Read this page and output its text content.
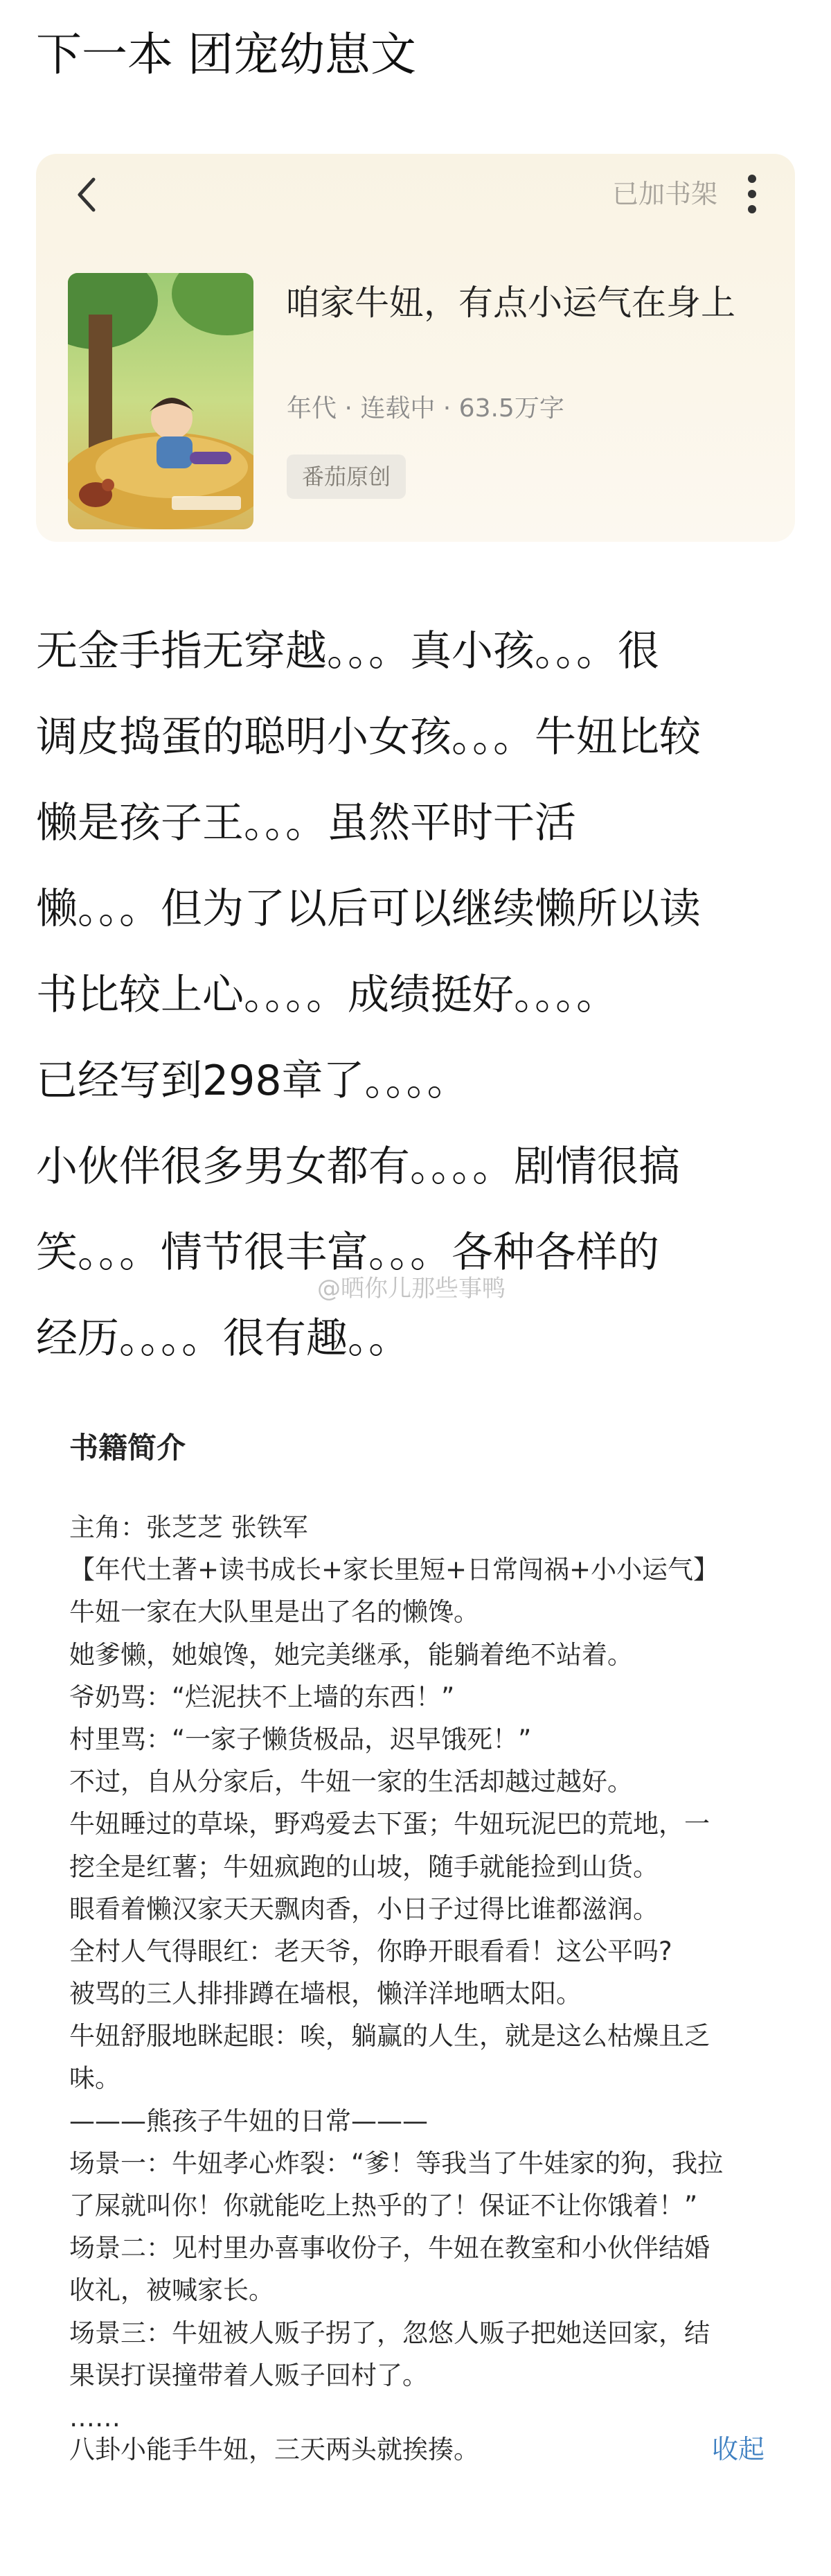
下一本 团宠幼崽文
已加书架
咱家牛妞，有点小运气在身上
年代 · 连载中 · 63.5万字
番茄原创
无金手指无穿越。。。真小孩。。。很
调皮捣蛋的聪明小女孩。。。牛妞比较
懒是孩子王。。。虽然平时干活
懒。。。但为了以后可以继续懒所以读
书比较上心。。。。成绩挺好。。。。
已经写到298章了。。。。
小伙伴很多男女都有。。。。剧情很搞
笑。。。情节很丰富。。。各种各样的
经历。。。。很有趣。。
@晒你儿那些事鸭
书籍简介
主角：张芝芝 张铁军
【年代土著+读书成长+家长里短+日常闯祸+小小运气】
牛妞一家在大队里是出了名的懒馋。
她爹懒，她娘馋，她完美继承，能躺着绝不站着。
爷奶骂：“烂泥扶不上墙的东西！”
村里骂：“一家子懒货极品，迟早饿死！”
不过，自从分家后，牛妞一家的生活却越过越好。
牛妞睡过的草垛，野鸡爱去下蛋；牛妞玩泥巴的荒地，一
挖全是红薯；牛妞疯跑的山坡，随手就能捡到山货。
眼看着懒汉家天天飘肉香，小日子过得比谁都滋润。
全村人气得眼红：老天爷，你睁开眼看看！这公平吗?
被骂的三人排排蹲在墙根，懒洋洋地晒太阳。
牛妞舒服地眯起眼：唉，躺赢的人生，就是这么枯燥且乏
味。
———熊孩子牛妞的日常———
场景一：牛妞孝心炸裂：“爹！等我当了牛娃家的狗，我拉
了屎就叫你！你就能吃上热乎的了！保证不让你饿着！”
场景二：见村里办喜事收份子，牛妞在教室和小伙伴结婚
收礼，被喊家长。
场景三：牛妞被人贩子拐了，忽悠人贩子把她送回家，结
果误打误撞带着人贩子回村了。
……
八卦小能手牛妞，三天两头就挨揍。	收起
